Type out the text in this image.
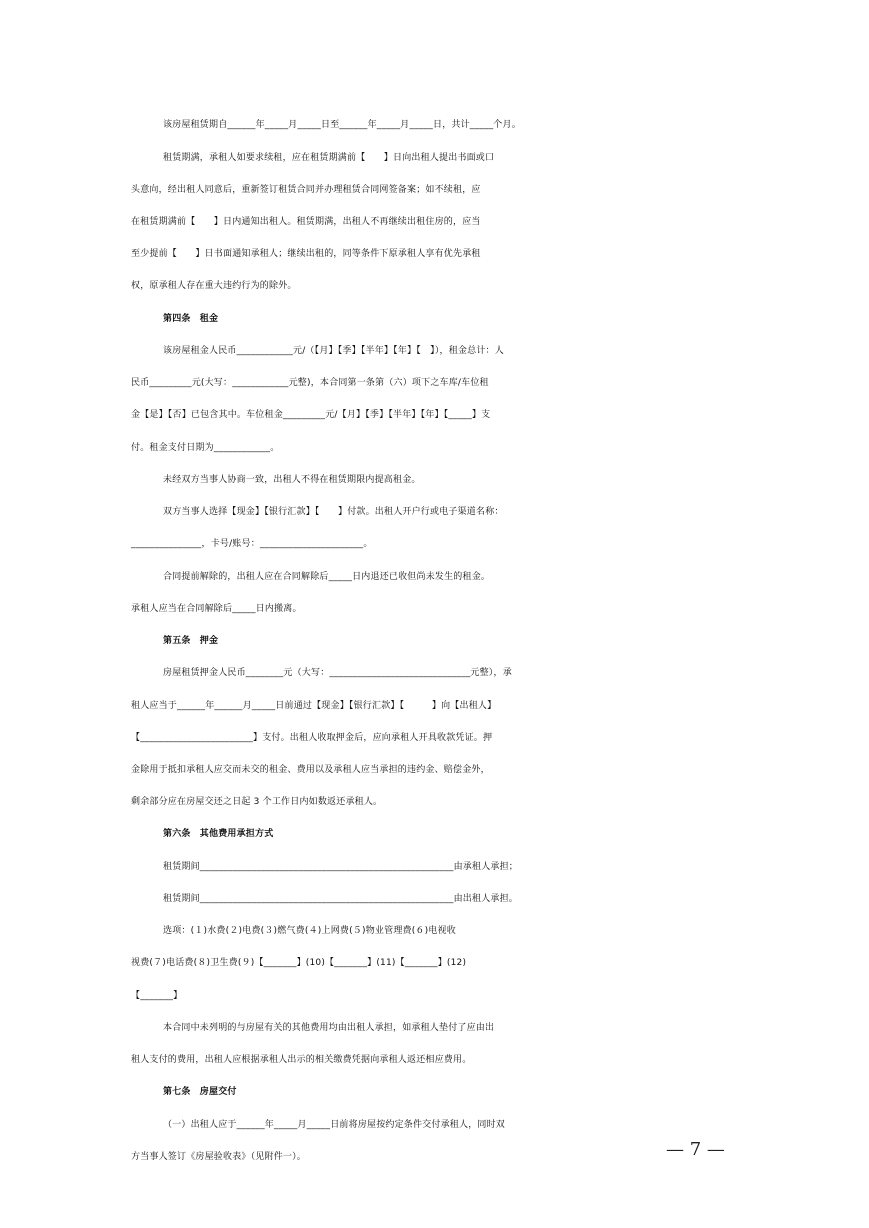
该房屋租赁期自______年_____月_____日至______年_____月_____日，共计_____个月。
租赁期满，承租人如要求续租，应在租赁期满前【　　】日向出租人提出书面或口
头意向，经出租人同意后，重新签订租赁合同并办理租赁合同网签备案；如不续租，应
在租赁期满前【　　】日内通知出租人。租赁期满，出租人不再继续出租住房的，应当
至少提前【　　】日书面通知承租人；继续出租的，同等条件下原承租人享有优先承租
权，原承租人存在重大违约行为的除外。
第四条　租金
该房屋租金人民币____________元/（【月】【季】【半年】【年】【　】），租金总计：人
民币_________元(大写：____________元整)，本合同第一条第（六）项下之车库/车位租
金【是】【否】已包含其中。车位租金_________元/【月】【季】【半年】【年】【_____】支
付。租金支付日期为____________。
未经双方当事人协商一致，出租人不得在租赁期限内提高租金。
双方当事人选择【现金】【银行汇款】【　　】付款。出租人开户行或电子渠道名称：
_______________，卡号/账号：______________________。
合同提前解除的，出租人应在合同解除后_____日内退还已收但尚未发生的租金。
承租人应当在合同解除后_____日内搬离。
第五条　押金
房屋租赁押金人民币________元（大写：______________________________元整），承
租人应当于______年______月_____日前通过【现金】【银行汇款】【　　　】向【出租人】
【________________________】支付。出租人收取押金后，应向承租人开具收款凭证。押
金除用于抵扣承租人应交而未交的租金、费用以及承租人应当承担的违约金、赔偿金外，
剩余部分应在房屋交还之日起 3 个工作日内如数返还承租人。
第六条　其他费用承担方式
租赁期间______________________________________________________由承租人承担；
租赁期间______________________________________________________由出租人承担。
选项：(１)水费(２)电费(３)燃气费(４)上网费(５)物业管理费(６)电视收
视费(７)电话费(８)卫生费(９)【_______】(10)【_______】(11)【_______】(12)
【_______】
本合同中未列明的与房屋有关的其他费用均由出租人承担，如承租人垫付了应由出
租人支付的费用，出租人应根据承租人出示的相关缴费凭据向承租人返还相应费用。
第七条　房屋交付
（一）出租人应于______年_____月_____日前将房屋按约定条件交付承租人，同时双
方当事人签订《房屋验收表》（见附件一）。	— 7 —
